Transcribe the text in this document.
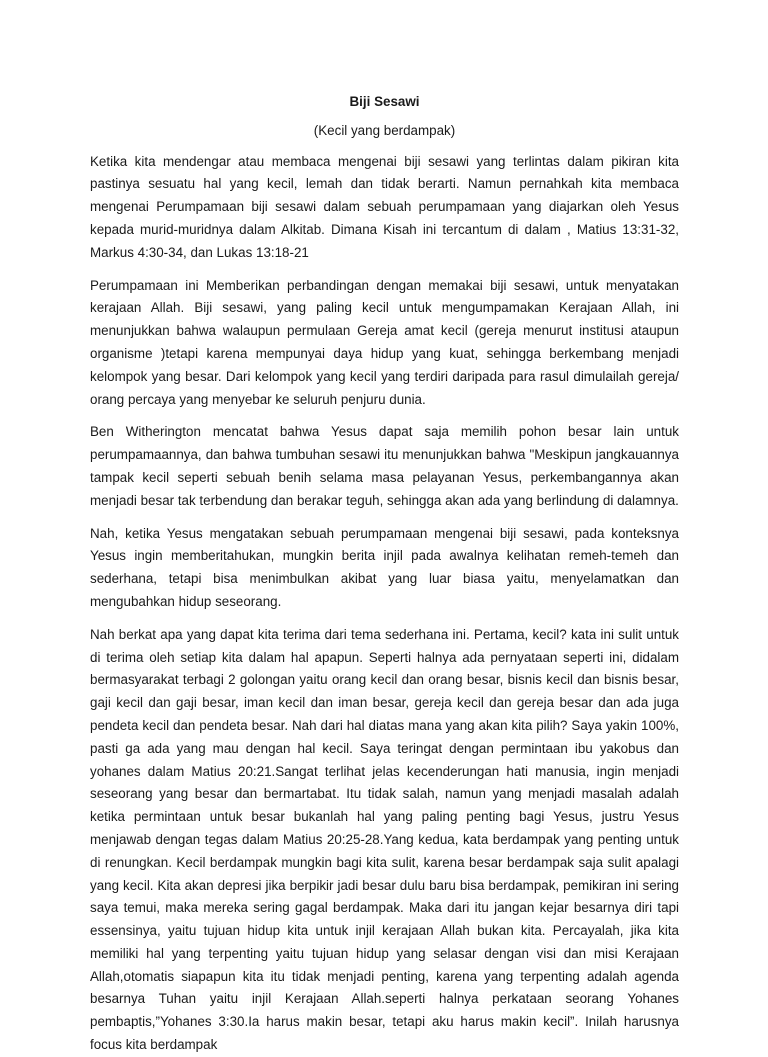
Biji Sesawi

(Kecil yang berdampak)

Ketika kita mendengar atau membaca mengenai biji sesawi yang terlintas dalam pikiran kita pastinya sesuatu hal yang kecil, lemah dan tidak berarti. Namun pernahkah kita membaca mengenai Perumpamaan biji sesawi dalam sebuah perumpamaan yang diajarkan oleh Yesus kepada murid-muridnya dalam Alkitab. Dimana Kisah ini tercantum di dalam , Matius 13:31-32, Markus 4:30-34, dan Lukas 13:18-21

Perumpamaan ini Memberikan perbandingan dengan memakai biji sesawi, untuk menyatakan kerajaan Allah. Biji sesawi, yang paling kecil untuk mengumpamakan Kerajaan Allah, ini menunjukkan bahwa walaupun permulaan Gereja amat kecil (gereja menurut institusi ataupun organisme )tetapi karena mempunyai daya hidup yang kuat, sehingga berkembang menjadi kelompok yang besar. Dari kelompok yang kecil yang terdiri daripada para rasul dimulailah gereja/ orang percaya yang menyebar ke seluruh penjuru dunia.

Ben Witherington mencatat bahwa Yesus dapat saja memilih pohon besar lain untuk perumpamaannya, dan bahwa tumbuhan sesawi itu menunjukkan bahwa "Meskipun jangkauannya tampak kecil seperti sebuah benih selama masa pelayanan Yesus, perkembangannya akan menjadi besar tak terbendung dan berakar teguh, sehingga akan ada yang berlindung di dalamnya.

Nah, ketika Yesus mengatakan sebuah perumpamaan mengenai biji sesawi, pada konteksnya Yesus ingin memberitahukan, mungkin berita injil pada awalnya kelihatan remeh-temeh dan sederhana, tetapi bisa menimbulkan akibat yang luar biasa yaitu, menyelamatkan dan mengubahkan hidup seseorang.

Nah berkat apa yang dapat kita terima dari tema sederhana ini. Pertama, kecil? kata ini sulit untuk di terima oleh setiap kita dalam hal apapun. Seperti halnya ada pernyataan seperti ini, didalam bermasyarakat terbagi 2 golongan yaitu orang kecil dan orang besar, bisnis kecil dan bisnis besar, gaji kecil dan gaji besar, iman kecil dan iman besar, gereja kecil dan gereja besar dan ada juga pendeta kecil dan pendeta besar. Nah dari hal diatas mana yang akan kita pilih? Saya yakin 100%, pasti ga ada yang mau dengan hal kecil. Saya teringat dengan permintaan ibu yakobus dan yohanes dalam Matius 20:21.Sangat terlihat jelas kecenderungan hati manusia, ingin menjadi seseorang yang besar dan bermartabat. Itu tidak salah, namun yang menjadi masalah adalah ketika permintaan untuk besar bukanlah hal yang paling penting bagi Yesus, justru Yesus menjawab dengan tegas dalam Matius 20:25-28.Yang kedua, kata berdampak yang penting untuk di renungkan. Kecil berdampak mungkin bagi kita sulit, karena besar berdampak saja sulit apalagi yang kecil. Kita akan depresi jika berpikir jadi besar dulu baru bisa berdampak, pemikiran ini sering saya temui, maka mereka sering gagal berdampak. Maka dari itu jangan kejar besarnya diri tapi essensinya, yaitu tujuan hidup kita untuk injil kerajaan Allah bukan kita. Percayalah, jika kita memiliki hal yang terpenting yaitu tujuan hidup yang selasar dengan visi dan misi Kerajaan Allah,otomatis siapapun kita itu tidak menjadi penting, karena yang terpenting adalah agenda besarnya Tuhan yaitu injil Kerajaan Allah.seperti halnya perkataan seorang Yohanes pembaptis,”Yohanes 3:30.Ia harus makin besar, tetapi aku harus makin kecil”. Inilah harusnya focus kita berdampak
